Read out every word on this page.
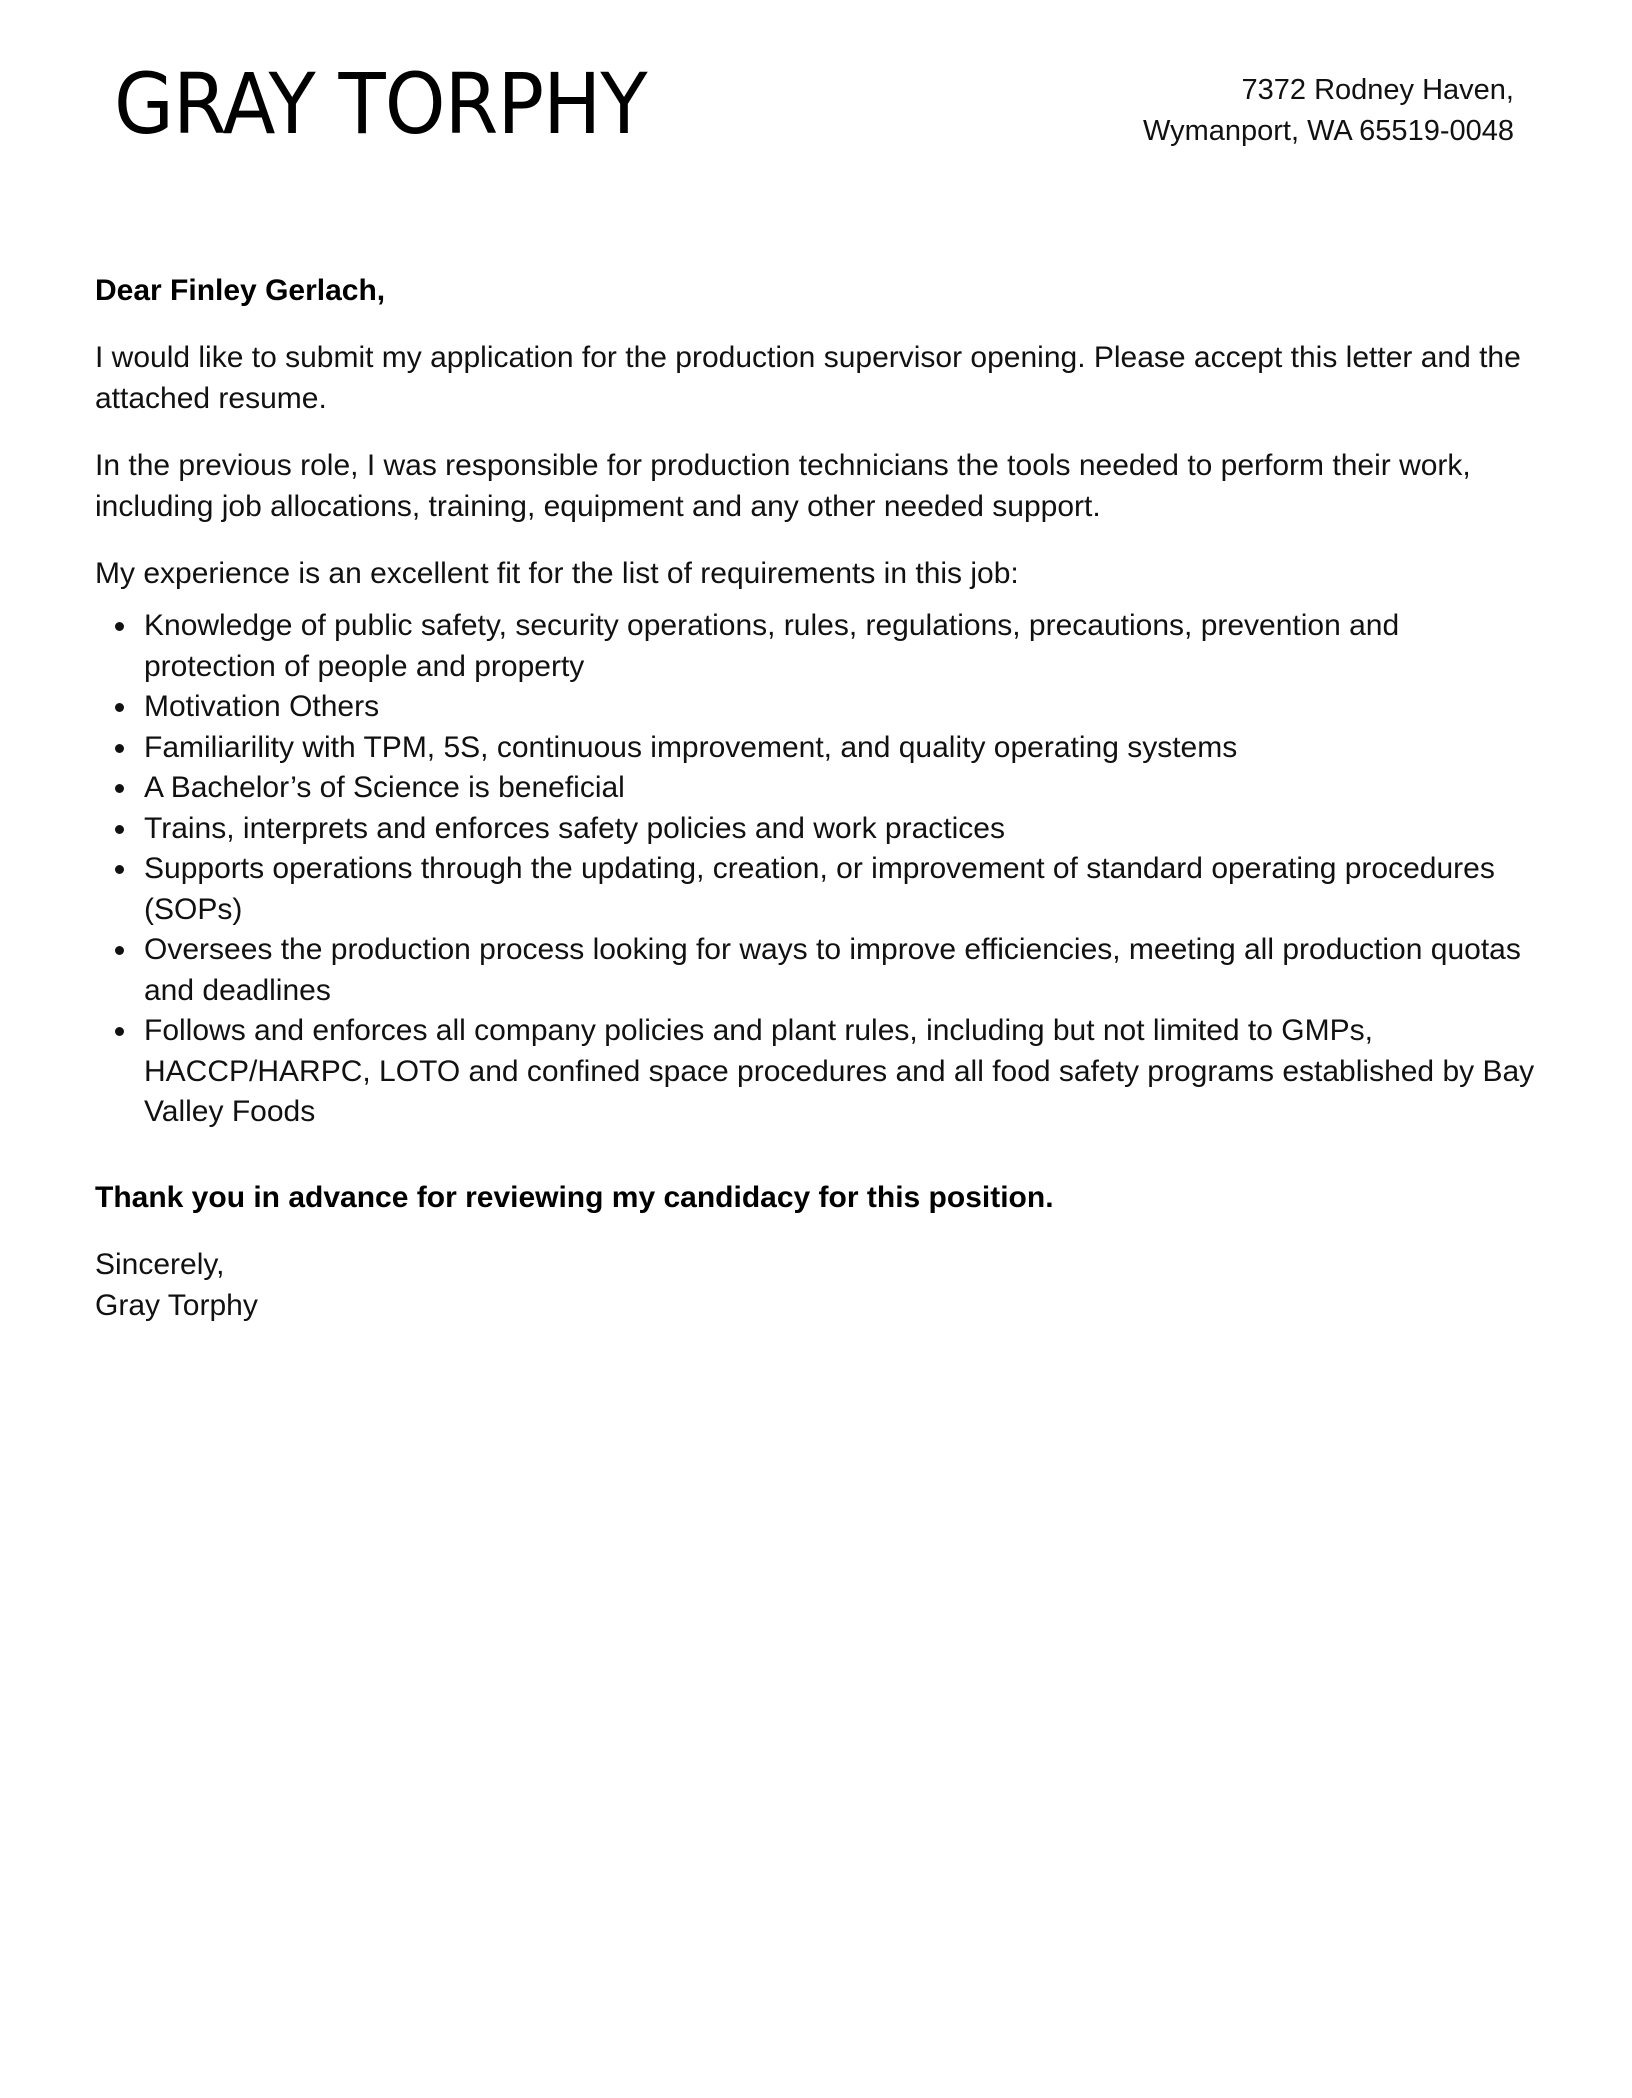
GRAY TORPHY	7372 Rodney Haven,
Wymanport, WA 65519-0048

Dear Finley Gerlach,

I would like to submit my application for the production supervisor opening. Please accept this letter and the attached resume.

In the previous role, I was responsible for production technicians the tools needed to perform their work, including job allocations, training, equipment and any other needed support.

My experience is an excellent fit for the list of requirements in this job:

Knowledge of public safety, security operations, rules, regulations, precautions, prevention and protection of people and property
Motivation Others
Familiarility with TPM, 5S, continuous improvement, and quality operating systems
A Bachelor’s of Science is beneficial
Trains, interprets and enforces safety policies and work practices
Supports operations through the updating, creation, or improvement of standard operating procedures (SOPs)
Oversees the production process looking for ways to improve efficiencies, meeting all production quotas and deadlines
Follows and enforces all company policies and plant rules, including but not limited to GMPs, HACCP/HARPC, LOTO and confined space procedures and all food safety programs established by Bay Valley Foods

Thank you in advance for reviewing my candidacy for this position.

Sincerely,
Gray Torphy
